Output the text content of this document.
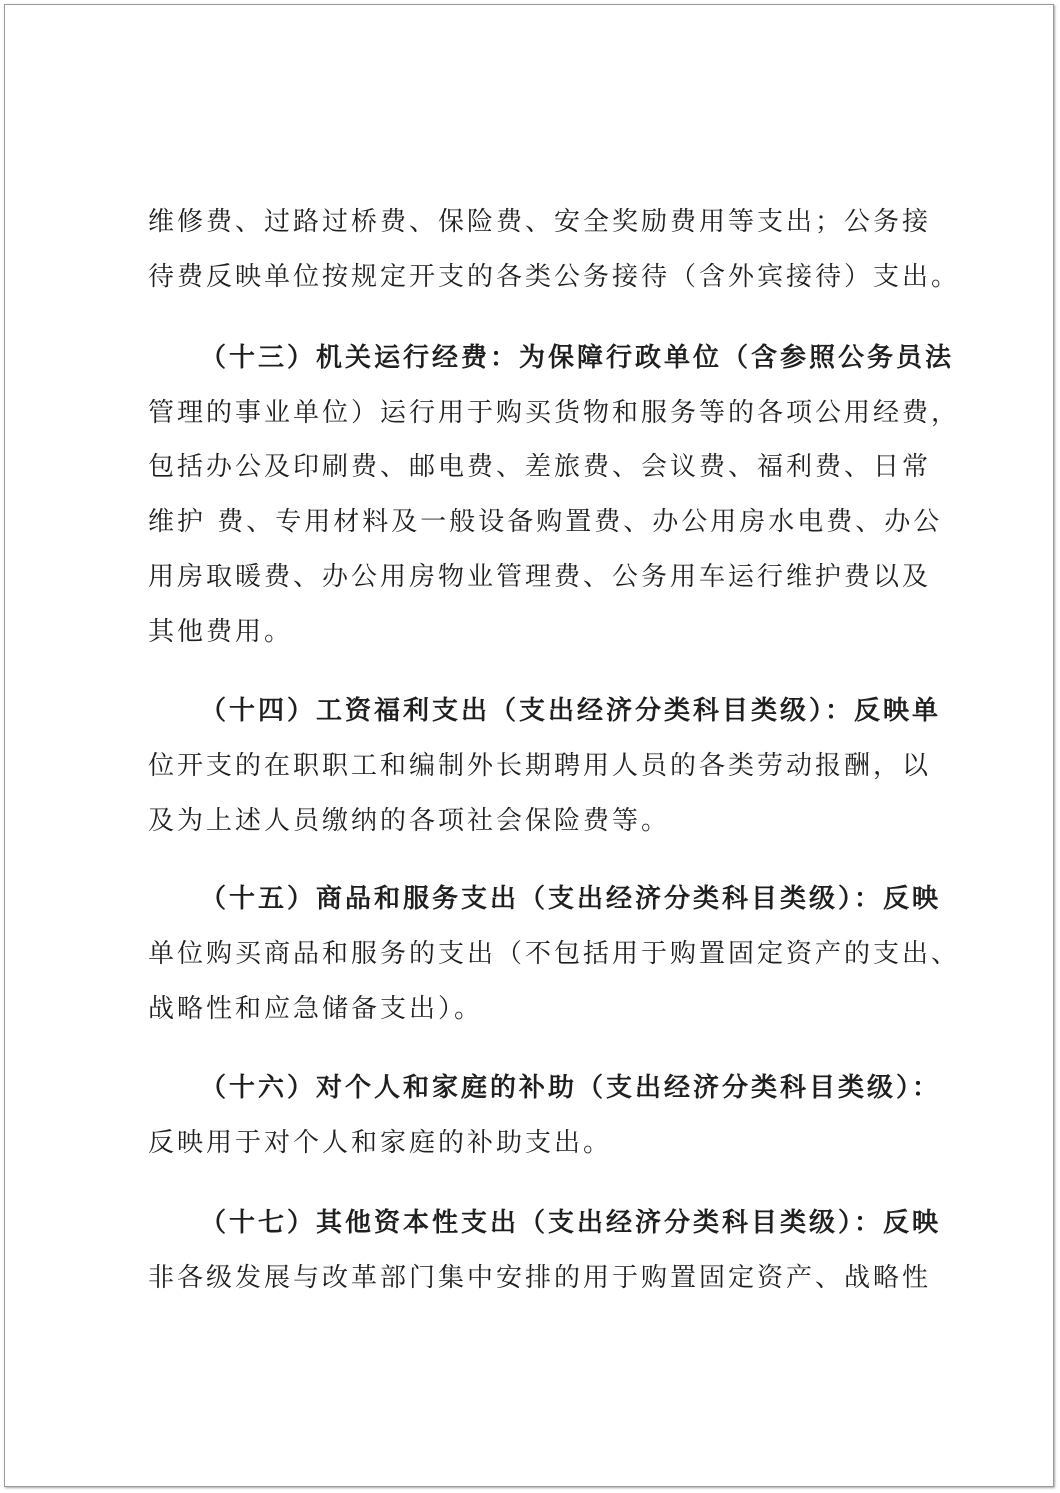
维修费、过路过桥费、保险费、安全奖励费用等支出；公务接

待费反映单位按规定开支的各类公务接待（含外宾接待）支出。

（十三）机关运行经费：为保障行政单位（含参照公务员法

管理的事业单位）运行用于购买货物和服务等的各项公用经费，

包括办公及印刷费、邮电费、差旅费、会议费、福利费、日常

维护 费、专用材料及一般设备购置费、办公用房水电费、办公

用房取暖费、办公用房物业管理费、公务用车运行维护费以及

其他费用。

（十四）工资福利支出（支出经济分类科目类级）：反映单

位开支的在职职工和编制外长期聘用人员的各类劳动报酬，以

及为上述人员缴纳的各项社会保险费等。

（十五）商品和服务支出（支出经济分类科目类级）：反映

单位购买商品和服务的支出（不包括用于购置固定资产的支出、

战略性和应急储备支出）。

（十六）对个人和家庭的补助（支出经济分类科目类级）：

反映用于对个人和家庭的补助支出。

（十七）其他资本性支出（支出经济分类科目类级）：反映

非各级发展与改革部门集中安排的用于购置固定资产、战略性
